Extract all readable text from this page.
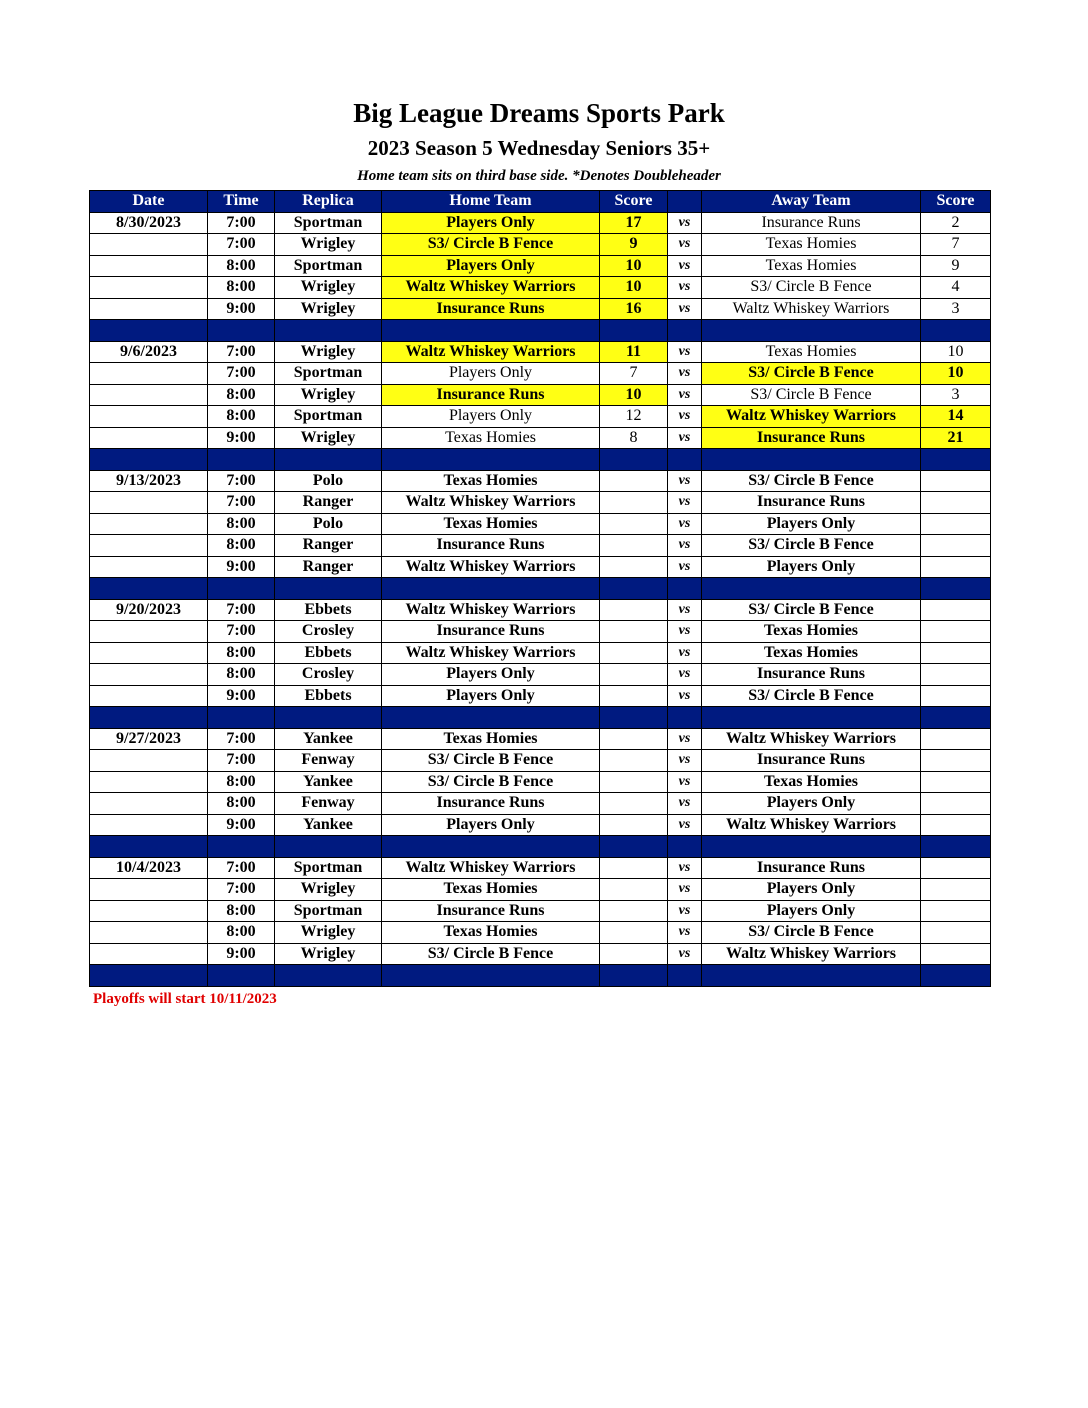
Big League Dreams Sports Park
2023 Season 5 Wednesday Seniors 35+
Home team sits on third base side. *Denotes Doubleheader
Date	Time	Replica	Home Team	Score		Away Team	Score
8/30/2023	7:00	Sportman	Players Only	17	vs	Insurance Runs	2
	7:00	Wrigley	S3/ Circle B Fence	9	vs	Texas Homies	7
	8:00	Sportman	Players Only	10	vs	Texas Homies	9
	8:00	Wrigley	Waltz Whiskey Warriors	10	vs	S3/ Circle B Fence	4
	9:00	Wrigley	Insurance Runs	16	vs	Waltz Whiskey Warriors	3

9/6/2023	7:00	Wrigley	Waltz Whiskey Warriors	11	vs	Texas Homies	10
	7:00	Sportman	Players Only	7	vs	S3/ Circle B Fence	10
	8:00	Wrigley	Insurance Runs	10	vs	S3/ Circle B Fence	3
	8:00	Sportman	Players Only	12	vs	Waltz Whiskey Warriors	14
	9:00	Wrigley	Texas Homies	8	vs	Insurance Runs	21

9/13/2023	7:00	Polo	Texas Homies		vs	S3/ Circle B Fence	
	7:00	Ranger	Waltz Whiskey Warriors		vs	Insurance Runs	
	8:00	Polo	Texas Homies		vs	Players Only	
	8:00	Ranger	Insurance Runs		vs	S3/ Circle B Fence	
	9:00	Ranger	Waltz Whiskey Warriors		vs	Players Only	

9/20/2023	7:00	Ebbets	Waltz Whiskey Warriors		vs	S3/ Circle B Fence	
	7:00	Crosley	Insurance Runs		vs	Texas Homies	
	8:00	Ebbets	Waltz Whiskey Warriors		vs	Texas Homies	
	8:00	Crosley	Players Only		vs	Insurance Runs	
	9:00	Ebbets	Players Only		vs	S3/ Circle B Fence	

9/27/2023	7:00	Yankee	Texas Homies		vs	Waltz Whiskey Warriors	
	7:00	Fenway	S3/ Circle B Fence		vs	Insurance Runs	
	8:00	Yankee	S3/ Circle B Fence		vs	Texas Homies	
	8:00	Fenway	Insurance Runs		vs	Players Only	
	9:00	Yankee	Players Only		vs	Waltz Whiskey Warriors	

10/4/2023	7:00	Sportman	Waltz Whiskey Warriors		vs	Insurance Runs	
	7:00	Wrigley	Texas Homies		vs	Players Only	
	8:00	Sportman	Insurance Runs		vs	Players Only	
	8:00	Wrigley	Texas Homies		vs	S3/ Circle B Fence	
	9:00	Wrigley	S3/ Circle B Fence		vs	Waltz Whiskey Warriors	

Playoffs will start 10/11/2023
